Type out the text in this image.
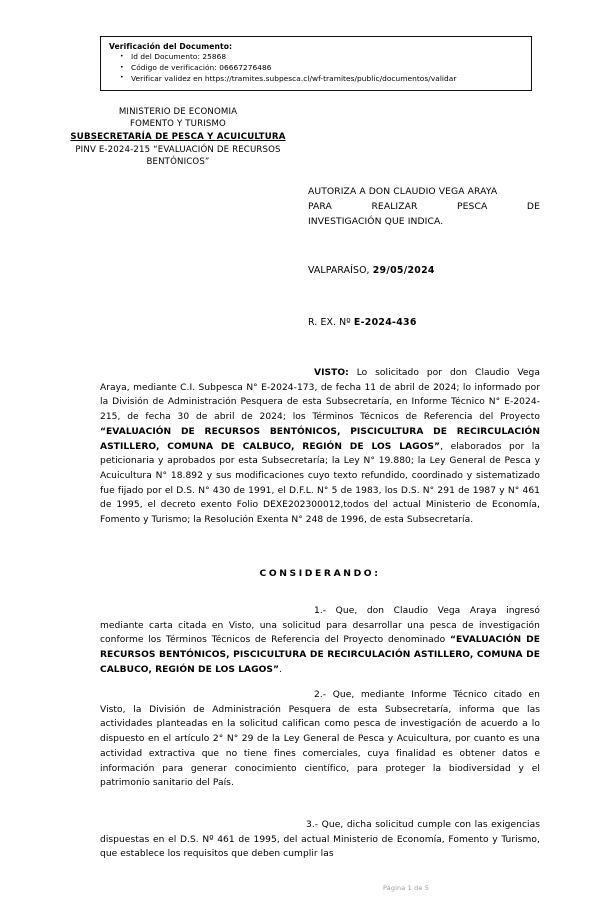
Verificación del Documento:
• Id del Documento: 25868
• Código de verificación: 06667276486
• Verificar validez en https://tramites.subpesca.cl/wf-tramites/public/documentos/validar
MINISTERIO DE ECONOMIA
FOMENTO Y TURISMO
SUBSECRETARÍA DE PESCA Y ACUICULTURA
PINV E-2024-215 “EVALUACIÓN DE RECURSOS
BENTÓNICOS”
AUTORIZA A DON CLAUDIO VEGA ARAYA
PARA	REALIZAR	PESCA	DE
INVESTIGACIÓN QUE INDICA.
VALPARAÍSO, 29/05/2024
R. EX. Nº E-2024-436

VISTO: Lo solicitado por don Claudio Vega Araya, mediante C.I. Subpesca N° E-2024-173, de fecha 11 de abril de 2024; lo informado por la División de Administración Pesquera de esta Subsecretaría, en Informe Técnico N° E-2024-215, de fecha 30 de abril de 2024; los Términos Técnicos de Referencia del Proyecto “EVALUACIÓN DE RECURSOS BENTÓNICOS, PISCICULTURA DE RECIRCULACIÓN ASTILLERO, COMUNA DE CALBUCO, REGIÓN DE LOS LAGOS”, elaborados por la peticionaria y aprobados por esta Subsecretaría; la Ley N° 19.880; la Ley General de Pesca y Acuicultura N° 18.892 y sus modificaciones cuyo texto refundido, coordinado y sistematizado fue fijado por el D.S. N° 430 de 1991, el D.F.L. N° 5 de 1983, los D.S. N° 291 de 1987 y N° 461 de 1995, el decreto exento Folio DEXE202300012,todos del actual Ministerio de Economía, Fomento y Turismo; la Resolución Exenta N° 248 de 1996, de esta Subsecretaría.

CONSIDERANDO:

1.- Que, don Claudio Vega Araya ingresó mediante carta citada en Visto, una solicitud para desarrollar una pesca de investigación conforme los Términos Técnicos de Referencia del Proyecto denominado “EVALUACIÓN DE RECURSOS BENTÓNICOS, PISCICULTURA DE RECIRCULACIÓN ASTILLERO, COMUNA DE CALBUCO, REGIÓN DE LOS LAGOS”.

2.- Que, mediante Informe Técnico citado en Visto, la División de Administración Pesquera de esta Subsecretaría, informa que las actividades planteadas en la solicitud califican como pesca de investigación de acuerdo a lo dispuesto en el artículo 2° N° 29 de la Ley General de Pesca y Acuicultura, por cuanto es una actividad extractiva que no tiene fines comerciales, cuya finalidad es obtener datos e información para generar conocimiento científico, para proteger la biodiversidad y el patrimonio sanitario del País.

3.- Que, dicha solicitud cumple con las exigencias dispuestas en el D.S. Nº 461 de 1995, del actual Ministerio de Economía, Fomento y Turismo, que establece los requisitos que deben cumplir las

Página 1 de 5
